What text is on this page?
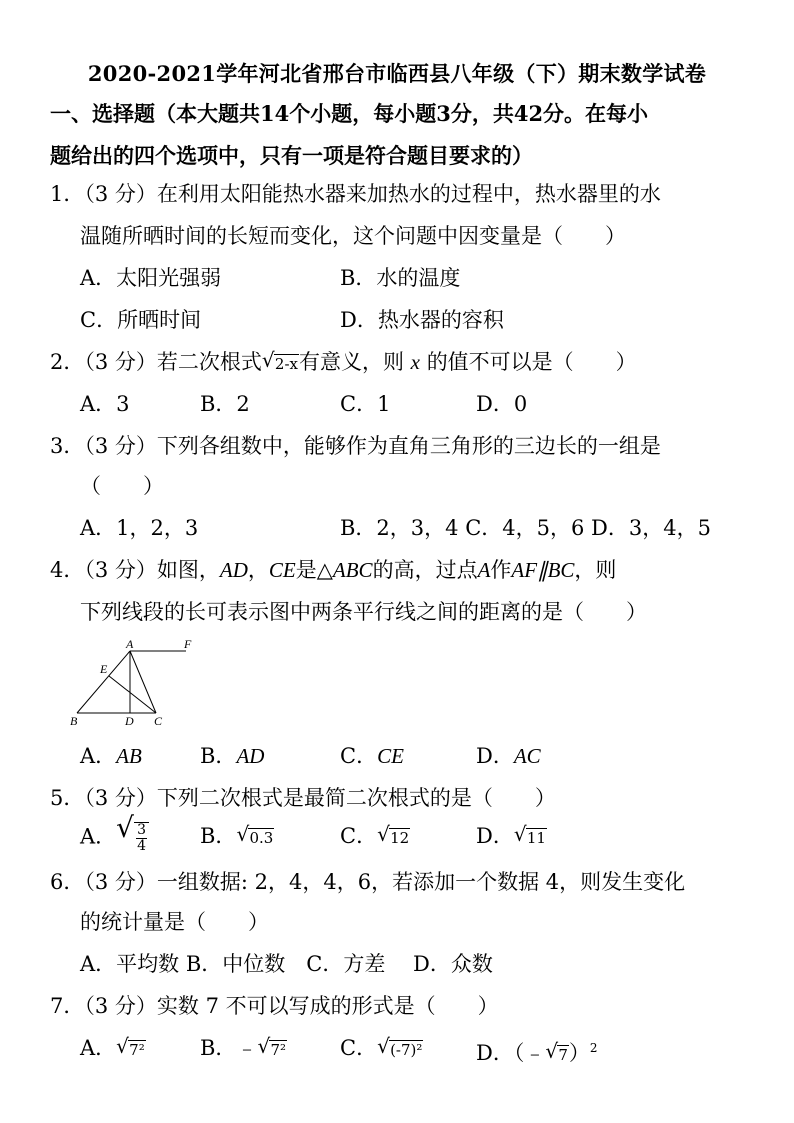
2020-2021学年河北省邢台市临西县八年级（下）期末数学试卷
一、选择题（本大题共14个小题，每小题3分，共42分。在每小
题给出的四个选项中，只有一项是符合题目要求的）
1．（3 分）在利用太阳能热水器来加热水的过程中，热水器里的水
温随所晒时间的长短而变化，这个问题中因变量是（　　）
A．太阳光强弱	B．水的温度
C．所晒时间	D．热水器的容积
2．（3 分）若二次根式 √ 2-x有意义，则 x 的值不可以是（　　）
A．3	B．2	C．1	D．0
3．（3 分）下列各组数中，能够作为直角三角形的三边长的一组是
（　　）
A．1，2，3	B．2，3，4 C．4，5，6 D．3，4，5
4．（3 分）如图，AD，CE是△ABC的高，过点A作AF∥BC，则
下列线段的长可表示图中两条平行线之间的距离的是（　　）
A	F
E
B	D C
A．AB	B．AD	C．CE	D．AC
5．（3 分）下列二次根式是最简二次根式的是（　　）
A． √ $\frac{3}{4}$ B． √ 0.3	C． √ 12	D． √ 11
6．（3 分）一组数据: 2，4，4，6，若添加一个数据 4，则发生变化
的统计量是（　　）
A．平均数 B．中位数　C．方差　 D．众数
7．（3 分）实数 7 不可以写成的形式是（　　）
A． √ 7²	B．﹣ √ 7²	C． √ (-7)²	D．（﹣ √ 7）$^2$
